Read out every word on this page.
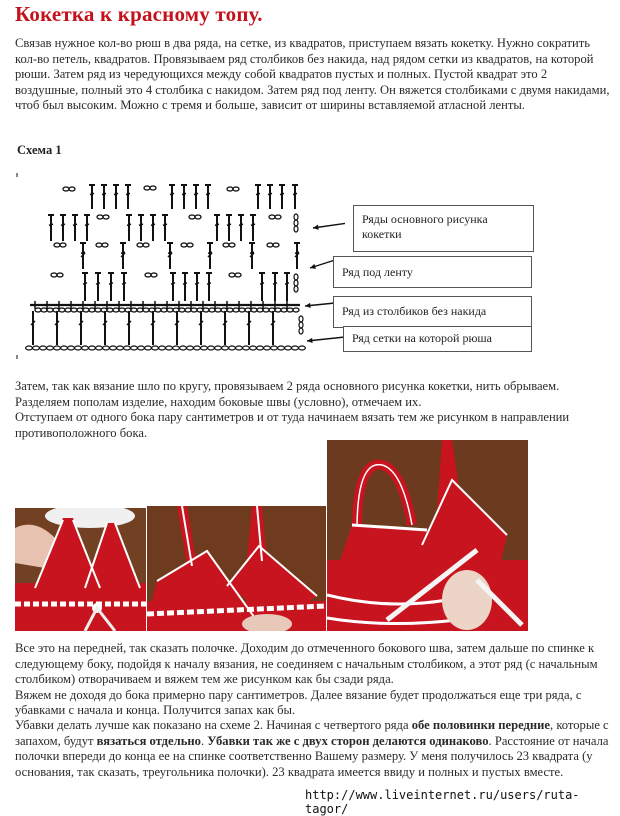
Кокетка к красному топу.
Связав нужное кол-во рюш в два ряда, на сетке, из квадратов, приступаем вязать кокетку. Нужно сократить кол-во петель, квадратов. Провязываем ряд столбиков без накида, над рядом сетки из квадратов, на которой рюши. Затем ряд из чередующихся между собой квадратов пустых и полных. Пустой квадрат это 2 воздушные, полный это 4 столбика с накидом. Затем ряд под ленту. Он вяжется столбиками с двумя накидами, чтоб был высоким. Можно с тремя и больше, зависит от ширины вставляемой атласной ленты.
Схема 1
Ряды основного рисунка кокетки
Ряд под ленту
Ряд из столбиков без накида
Ряд сетки на которой рюша
Затем, так как вязание шло по кругу, провязываем 2 ряда основного рисунка кокетки, нить обрываем.
Разделяем пополам изделие, находим боковые швы (условно), отмечаем их.
Отступаем от одного бока пару сантиметров и от туда начинаем вязать тем же рисунком в направлении противоположного бока.
Все это на передней, так сказать полочке. Доходим до отмеченного бокового шва, затем дальше по спинке к следующему боку, подойдя к началу вязания, не соединяем с начальным столбиком, а этот ряд (с начальным столбиком) отворачиваем и вяжем тем же рисунком как бы сзади ряда.
Вяжем не доходя до бока примерно пару сантиметров. Далее вязание будет продолжаться еще три ряда, с убавками с начала и конца. Получится запах как бы.
Убавки делать лучше как показано на схеме 2. Начиная с четвертого ряда обе половинки передние, которые с запахом, будут вязаться отдельно. Убавки так же с двух сторон делаются одинаково. Расстояние от начала полочки впереди до конца ее на спинке соответственно Вашему размеру. У меня получилось 23 квадрата (у основания, так сказать, треугольника полочки). 23 квадрата имеется ввиду и полных и пустых вместе.
http://www.liveinternet.ru/users/ruta-tagor/
